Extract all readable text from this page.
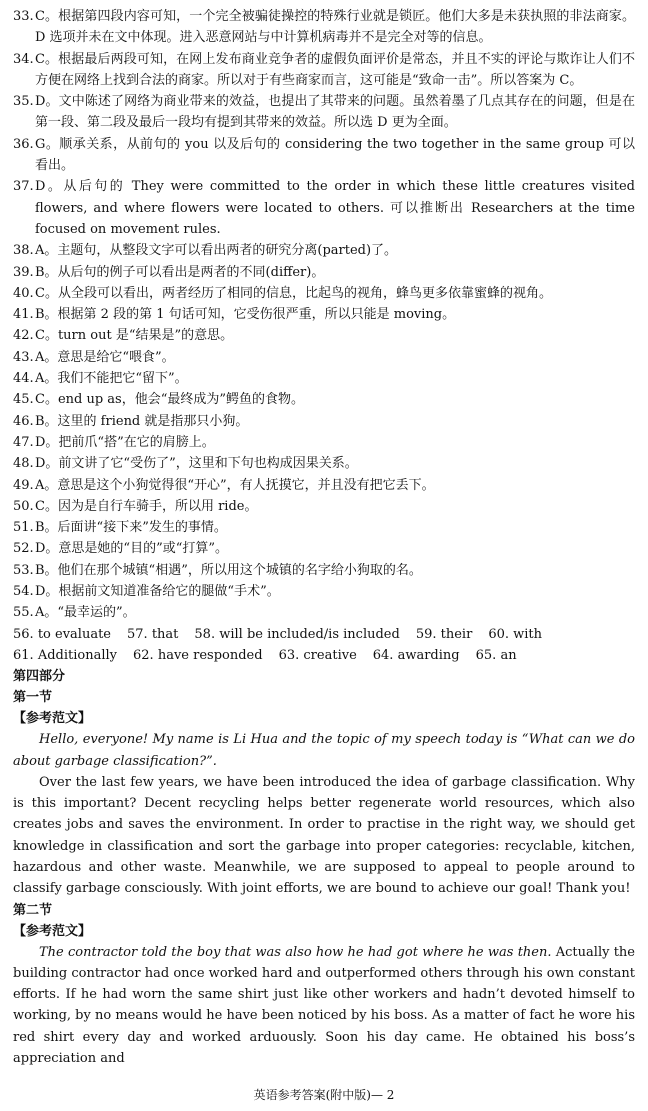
33. C。根据第四段内容可知，一个完全被骗徒操控的特殊行业就是锁匠。他们大多是未获执照的非法商家。D 选项并未在文中体现。进入恶意网站与中计算机病毒并不是完全对等的信息。
34. C。根据最后两段可知，在网上发布商业竞争者的虚假负面评价是常态，并且不实的评论与欺诈让人们不方便在网络上找到合法的商家。所以对于有些商家而言，这可能是“致命一击”。所以答案为 C。
35. D。文中陈述了网络为商业带来的效益，也提出了其带来的问题。虽然着墨了几点其存在的问题，但是在第一段、第二段及最后一段均有提到其带来的效益。所以选 D 更为全面。
36. G。顺承关系，从前句的 you 以及后句的 considering the two together in the same group 可以看出。
37. D。从后句的 They were committed to the order in which these little creatures visited flowers, and where flowers were located to others. 可以推断出 Researchers at the time focused on movement rules.
38. A。主题句，从整段文字可以看出两者的研究分离(parted)了。
39. B。从后句的例子可以看出是两者的不同(differ)。
40. C。从全段可以看出，两者经历了相同的信息，比起鸟的视角，蜂鸟更多依靠蜜蜂的视角。
41. B。根据第 2 段的第 1 句话可知，它受伤很严重，所以只能是 moving。
42. C。turn out 是“结果是”的意思。
43. A。意思是给它“喂食”。
44. A。我们不能把它“留下”。
45. C。end up as，他会“最终成为”鳄鱼的食物。
46. B。这里的 friend 就是指那只小狗。
47. D。把前爪“搭”在它的肩膀上。
48. D。前文讲了它“受伤了”，这里和下句也构成因果关系。
49. A。意思是这个小狗觉得很“开心”，有人抚摸它，并且没有把它丢下。
50. C。因为是自行车骑手，所以用 ride。
51. B。后面讲“接下来”发生的事情。
52. D。意思是她的“目的”或“打算”。
53. B。他们在那个城镇“相遇”，所以用这个城镇的名字给小狗取的名。
54. D。根据前文知道准备给它的腿做“手术”。
55. A。“最幸运的”。
56. to evaluate 57. that 58. will be included/is included 59. their 60. with
61. Additionally 62. have responded 63. creative 64. awarding 65. an
第四部分
第一节
【参考范文】

Hello, everyone! My name is Li Hua and the topic of my speech today is “What can we do about garbage classification?”.

Over the last few years, we have been introduced the idea of garbage classification. Why is this important? Decent recycling helps better regenerate world resources, which also creates jobs and saves the environment. In order to practise in the right way, we should get knowledge in classification and sort the garbage into proper categories: recyclable, kitchen, hazardous and other waste. Meanwhile, we are supposed to appeal to people around to classify garbage consciously. With joint efforts, we are bound to achieve our goal! Thank you!

第二节
【参考范文】

The contractor told the boy that was also how he had got where he was then. Actually the building contractor had once worked hard and outperformed others through his own constant efforts. If he had worn the same shirt just like other workers and hadn’t devoted himself to working, by no means would he have been noticed by his boss. As a matter of fact he wore his red shirt every day and worked arduously. Soon his day came. He obtained his boss’s appreciation and

英语参考答案(附中版)— 2
